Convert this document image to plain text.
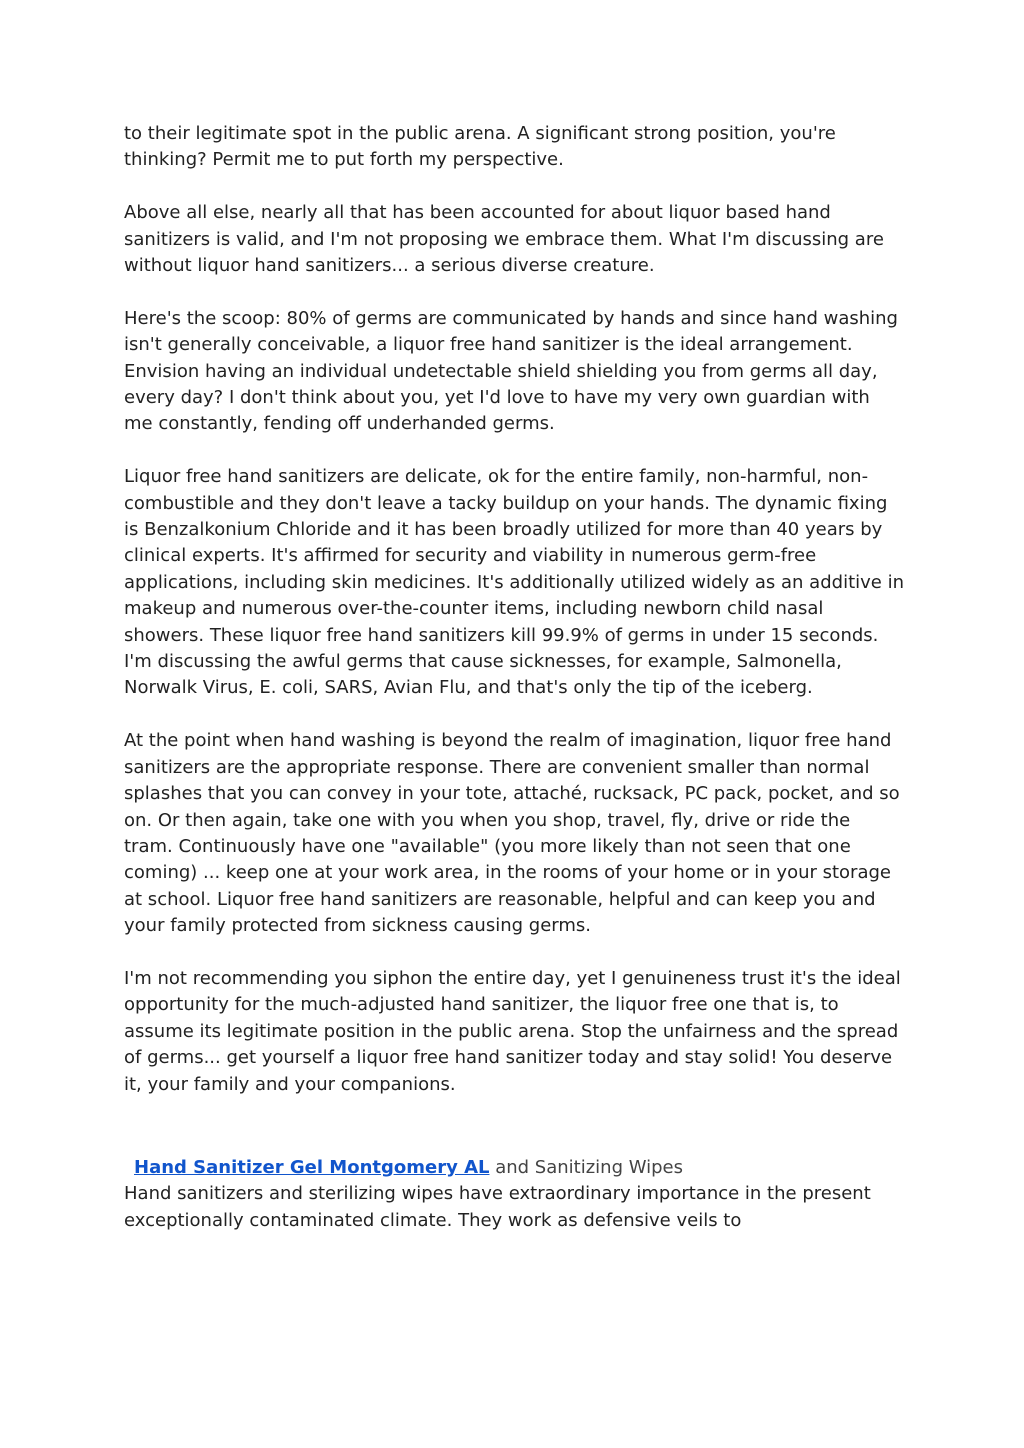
to their legitimate spot in the public arena. A significant strong position, you're thinking? Permit me to put forth my perspective.

Above all else, nearly all that has been accounted for about liquor based hand sanitizers is valid, and I'm not proposing we embrace them. What I'm discussing are without liquor hand sanitizers... a serious diverse creature.

Here's the scoop: 80% of germs are communicated by hands and since hand washing isn't generally conceivable, a liquor free hand sanitizer is the ideal arrangement. Envision having an individual undetectable shield shielding you from germs all day, every day? I don't think about you, yet I'd love to have my very own guardian with me constantly, fending off underhanded germs.

Liquor free hand sanitizers are delicate, ok for the entire family, non-harmful, non-combustible and they don't leave a tacky buildup on your hands. The dynamic fixing is Benzalkonium Chloride and it has been broadly utilized for more than 40 years by clinical experts. It's affirmed for security and viability in numerous germ-free applications, including skin medicines. It's additionally utilized widely as an additive in makeup and numerous over-the-counter items, including newborn child nasal showers. These liquor free hand sanitizers kill 99.9% of germs in under 15 seconds. I'm discussing the awful germs that cause sicknesses, for example, Salmonella, Norwalk Virus, E. coli, SARS, Avian Flu, and that's only the tip of the iceberg.

At the point when hand washing is beyond the realm of imagination, liquor free hand sanitizers are the appropriate response. There are convenient smaller than normal splashes that you can convey in your tote, attaché, rucksack, PC pack, pocket, and so on. Or then again, take one with you when you shop, travel, fly, drive or ride the tram. Continuously have one "available" (you more likely than not seen that one coming) ... keep one at your work area, in the rooms of your home or in your storage at school. Liquor free hand sanitizers are reasonable, helpful and can keep you and your family protected from sickness causing germs.

I'm not recommending you siphon the entire day, yet I genuineness trust it's the ideal opportunity for the much-adjusted hand sanitizer, the liquor free one that is, to assume its legitimate position in the public arena. Stop the unfairness and the spread of germs... get yourself a liquor free hand sanitizer today and stay solid! You deserve it, your family and your companions.

Hand Sanitizer Gel Montgomery AL and Sanitizing Wipes

Hand sanitizers and sterilizing wipes have extraordinary importance in the present exceptionally contaminated climate. They work as defensive veils to
